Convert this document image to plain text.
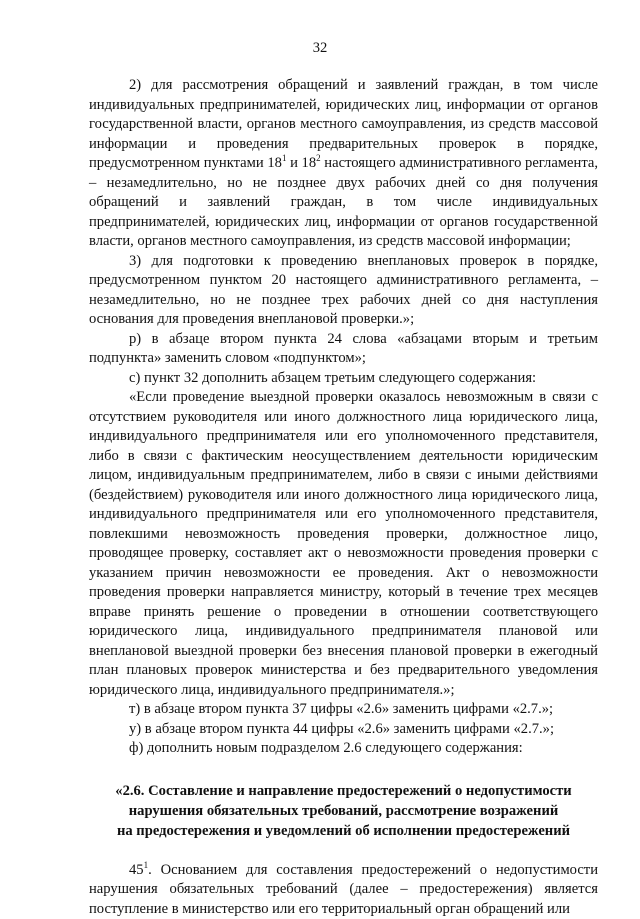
32

2) для рассмотрения обращений и заявлений граждан, в том числе индивидуальных предпринимателей, юридических лиц, информации от органов государственной власти, органов местного самоуправления, из средств массовой информации и проведения предварительных проверок в порядке, предусмотренном пунктами $18^1$ и $18^2$ настоящего административного регламента, – незамедлительно, но не позднее двух рабочих дней со дня получения обращений и заявлений граждан, в том числе индивидуальных предпринимателей, юридических лиц, информации от органов государственной власти, органов местного самоуправления, из средств массовой информации;

3) для подготовки к проведению внеплановых проверок в порядке, предусмотренном пунктом 20 настоящего административного регламента, – незамедлительно, но не позднее трех рабочих дней со дня наступления основания для проведения внеплановой проверки.»;

р) в абзаце втором пункта 24 слова «абзацами вторым и третьим подпункта» заменить словом «подпунктом»;

с) пункт 32 дополнить абзацем третьим следующего содержания:

«Если проведение выездной проверки оказалось невозможным в связи с отсутствием руководителя или иного должностного лица юридического лица, индивидуального предпринимателя или его уполномоченного представителя, либо в связи с фактическим неосуществлением деятельности юридическим лицом, индивидуальным предпринимателем, либо в связи с иными действиями (бездействием) руководителя или иного должностного лица юридического лица, индивидуального предпринимателя или его уполномоченного представителя, повлекшими невозможность проведения проверки, должностное лицо, проводящее проверку, составляет акт о невозможности проведения проверки с указанием причин невозможности ее проведения. Акт о невозможности проведения проверки направляется министру, который в течение трех месяцев вправе принять решение о проведении в отношении соответствующего юридического лица, индивидуального предпринимателя плановой или внеплановой выездной проверки без внесения плановой проверки в ежегодный план плановых проверок министерства и без предварительного уведомления юридического лица, индивидуального предпринимателя.»;

т) в абзаце втором пункта 37 цифры «2.6» заменить цифрами «2.7.»;

у) в абзаце втором пункта 44 цифры «2.6» заменить цифрами «2.7.»;

ф) дополнить новым подразделом 2.6 следующего содержания:

«2.6. Составление и направление предостережений о недопустимости
нарушения обязательных требований, рассмотрение возражений
на предостережения и уведомлений об исполнении предостережений

$45^1$. Основанием для составления предостережений о недопустимости нарушения обязательных требований (далее – предостережения) является поступление в министерство или его территориальный орган обращений или
